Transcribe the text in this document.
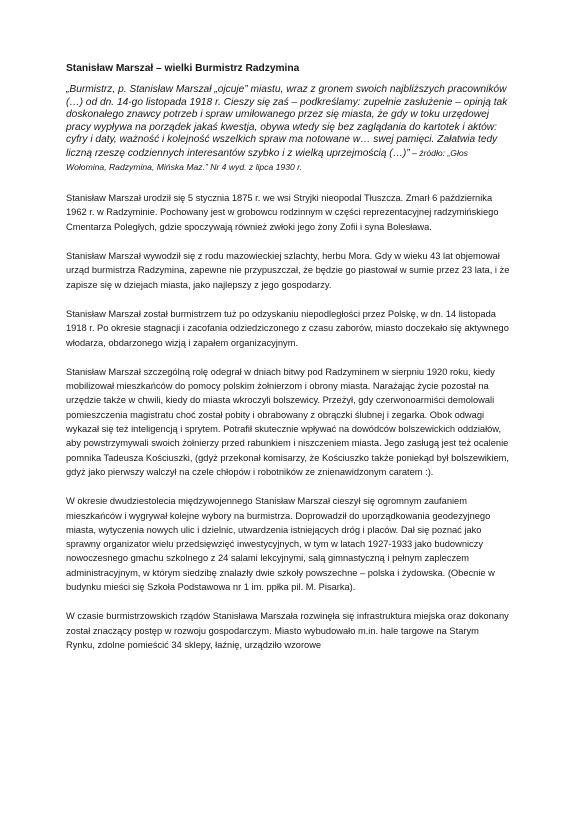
Stanisław Marszał – wielki Burmistrz Radzymina

„Burmistrz, p. Stanisław Marszał „ojcuje” miastu, wraz z gronem swoich najbliższych pracowników (…) od dn. 14-go listopada 1918 r. Cieszy się zaś – podkreślamy: zupełnie zasłużenie – opinją tak doskonałego znawcy potrzeb i spraw umiłowanego przez się miasta, że gdy w toku urzędowej pracy wypływa na porządek jakaś kwestja, obywa wtedy się bez zaglądania do kartotek i aktów: cyfry i daty, ważność i kolejność wszelkich spraw ma notowane w… swej pamięci. Załatwia tedy liczną rzeszę codziennych interesantów szybko i z wielką uprzejmością (…)” – źródło: „Głos Wołomina, Radzymina, Mińska Maz.” Nr 4 wyd. z lipca 1930 r.

Stanisław Marszał urodził się 5 stycznia 1875 r. we wsi Stryjki nieopodal Tłuszcza. Zmarł 6 października 1962 r. w Radzyminie. Pochowany jest w grobowcu rodzinnym w części reprezentacyjnej radzymińskiego Cmentarza Poległych, gdzie spoczywają również zwłoki jego żony Zofii i syna Bolesława.

Stanisław Marszał wywodził się z rodu mazowieckiej szlachty, herbu Mora. Gdy w wieku 43 lat objemował urząd burmistrza Radzymina, zapewne nie przypuszczał, że będzie go piastował w sumie przez 23 lata, i że zapisze się w dziejach miasta, jako najlepszy z jego gospodarzy.

Stanisław Marszał został burmistrzem tuż po odzyskaniu niepodległości przez Polskę, w dn. 14 listopada 1918 r. Po okresie stagnacji i zacofania odziedziczonego z czasu zaborów, miasto doczekało się aktywnego włodarza, obdarzonego wizją i zapałem organizacyjnym.

Stanisław Marszał szczególną rolę odegrał w dniach bitwy pod Radzyminem w sierpniu 1920 roku, kiedy mobilizował mieszkańców do pomocy polskim żołnierzom i obrony miasta. Narażając życie pozostał na urzędzie także w chwili, kiedy do miasta wkroczyli bolszewicy. Przeżył, gdy czerwonoarmiści demolowali pomieszczenia magistratu choć został pobity i obrabowany z obrączki ślubnej i zegarka. Obok odwagi wykazał się też inteligencją i sprytem. Potrafił skutecznie wpływać na dowódców bolszewickich oddziałów, aby powstrzymywali swoich żołnierzy przed rabunkiem i niszczeniem miasta. Jego zasługą jest też ocalenie pomnika Tadeusza Kościuszki, (gdyż przekonał komisarzy, że Kościuszko także poniekąd był bolszewikiem, gdyż jako pierwszy walczył na czele chłopów i robotników ze znienawidzonym caratem :).

W okresie dwudziestolecia międzywojennego Stanisław Marszał cieszył się ogromnym zaufaniem mieszkańców i wygrywał kolejne wybory na burmistrza. Doprowadził do uporządkowania geodezyjnego miasta, wytyczenia nowych ulic i dzielnic, utwardzenia istniejących dróg i placów. Dał się poznać jako sprawny organizator wielu przedsięwzięć inwestycyjnych, w tym w latach 1927-1933 jako budowniczy nowoczesnego gmachu szkolnego z 24 salami lekcyjnymi, salą gimnastyczną i pełnym zapleczem administracyjnym, w którym siedzibę znalazły dwie szkoły powszechne – polska i żydowska. (Obecnie w budynku mieści się Szkoła Podstawowa nr 1 im. ppłka pil. M. Pisarka).

W czasie burmistrzowskich rządów Stanisława Marszała rozwinęła się infrastruktura miejska oraz dokonany został znaczący postęp w rozwoju gospodarczym. Miasto wybudowało m.in. hale targowe na Starym Rynku, zdolne pomieścić 34 sklepy, łaźnię, urządziło wzorowe
